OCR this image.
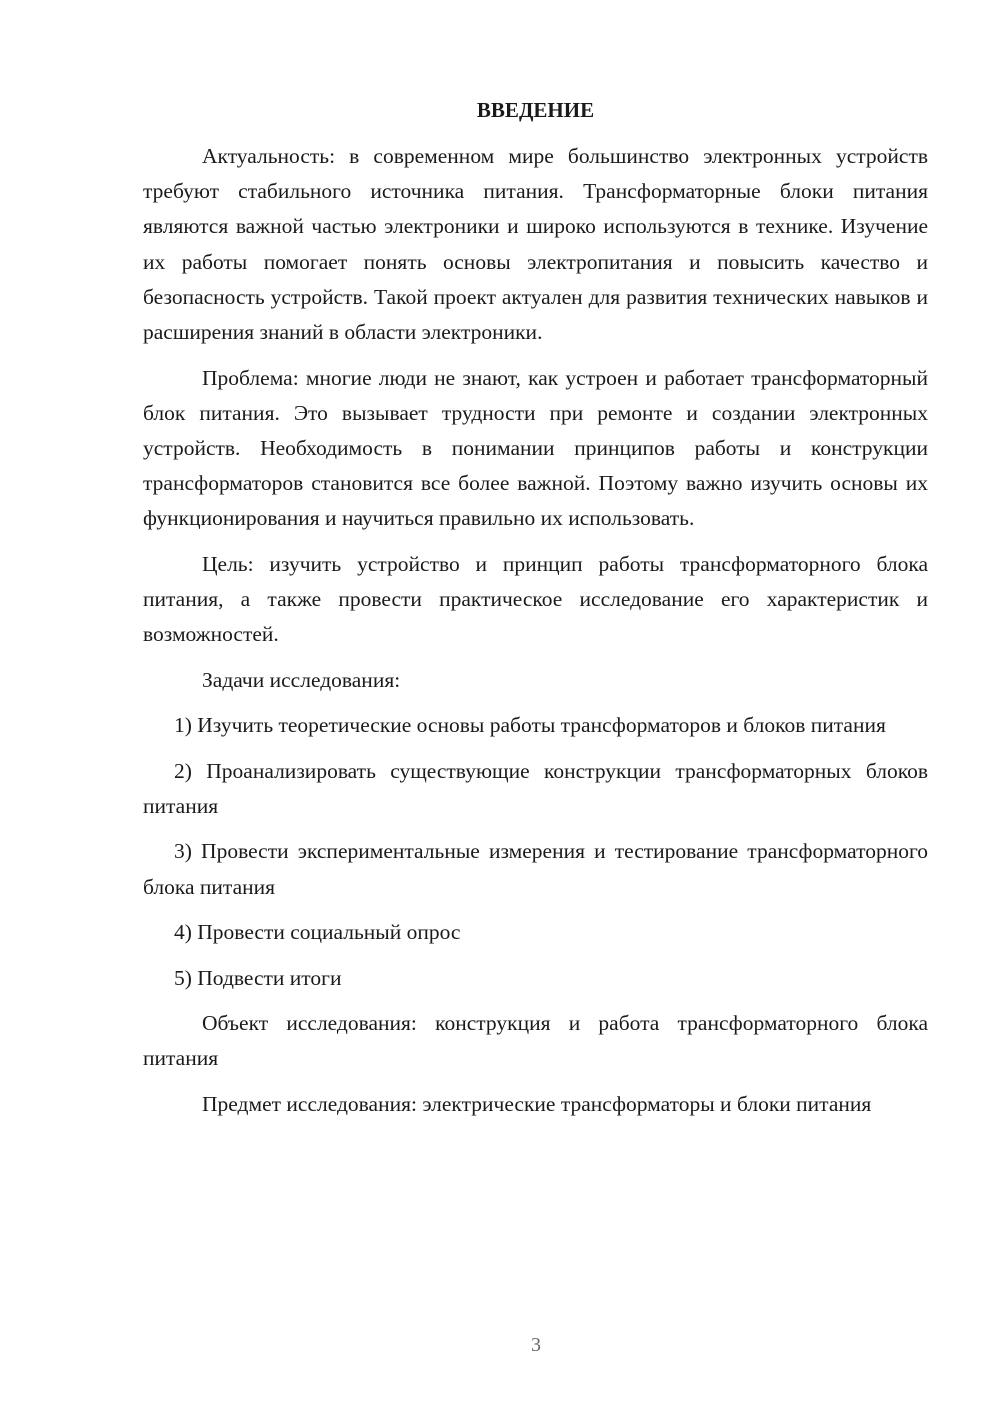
ВВЕДЕНИЕ

Актуальность: в современном мире большинство электронных устройств требуют стабильного источника питания. Трансформаторные блоки питания являются важной частью электроники и широко используются в технике. Изучение их работы помогает понять основы электропитания и повысить качество и безопасность устройств. Такой проект актуален для развития технических навыков и расширения знаний в области электроники.

Проблема: многие люди не знают, как устроен и работает трансформаторный блок питания. Это вызывает трудности при ремонте и создании электронных устройств. Необходимость в понимании принципов работы и конструкции трансформаторов становится все более важной. Поэтому важно изучить основы их функционирования и научиться правильно их использовать.

Цель: изучить устройство и принцип работы трансформаторного блока питания, а также провести практическое исследование его характеристик и возможностей.

Задачи исследования:

1) Изучить теоретические основы работы трансформаторов и блоков питания

2) Проанализировать существующие конструкции трансформаторных блоков питания

3) Провести экспериментальные измерения и тестирование трансформаторного блока питания

4) Провести социальный опрос

5) Подвести итоги

Объект исследования: конструкция и работа трансформаторного блока питания

Предмет исследования: электрические трансформаторы и блоки питания

3
